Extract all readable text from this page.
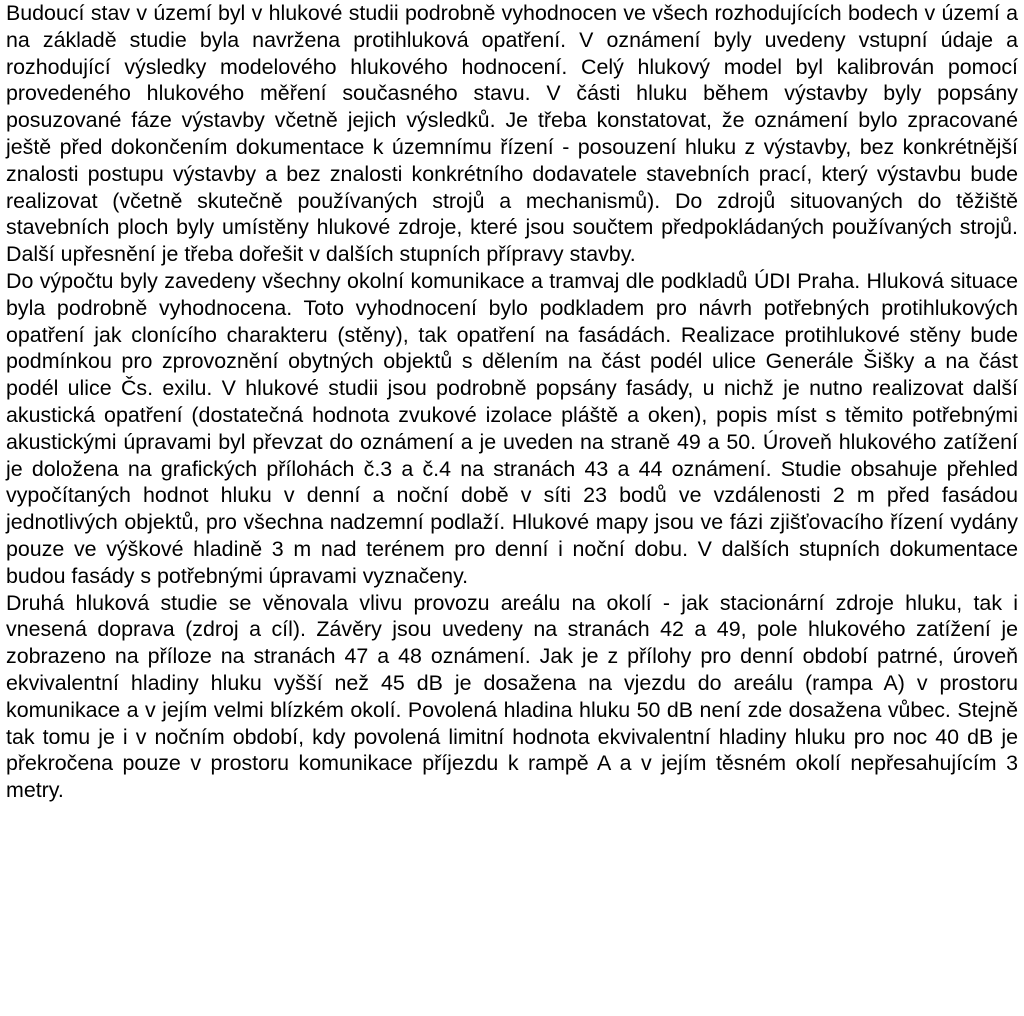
Budoucí stav v území byl v hlukové studii podrobně vyhodnocen ve všech rozhodujících bodech v území a na základě studie byla navržena protihluková opatření. V oznámení byly uvedeny vstupní údaje a rozhodující výsledky modelového hlukového hodnocení. Celý hlukový model byl kalibrován pomocí provedeného hlukového měření současného stavu. V části hluku během výstavby byly popsány posuzované fáze výstavby včetně jejich výsledků. Je třeba konstatovat, že oznámení bylo zpracované ještě před dokončením dokumentace k územnímu řízení - posouzení hluku z výstavby, bez konkrétnější znalosti postupu výstavby a bez znalosti konkrétního dodavatele stavebních prací, který výstavbu bude realizovat (včetně skutečně používaných strojů a mechanismů). Do zdrojů situovaných do těžiště stavebních ploch byly umístěny hlukové zdroje, které jsou součtem předpokládaných používaných strojů. Další upřesnění je třeba dořešit v dalších stupních přípravy stavby.

Do výpočtu byly zavedeny všechny okolní komunikace a tramvaj dle podkladů ÚDI Praha. Hluková situace byla podrobně vyhodnocena. Toto vyhodnocení bylo podkladem pro návrh potřebných protihlukových opatření jak clonícího charakteru (stěny), tak opatření na fasádách. Realizace protihlukové stěny bude podmínkou pro zprovoznění obytných objektů s dělením na část podél ulice Generále Šišky a na část podél ulice Čs. exilu. V hlukové studii jsou podrobně popsány fasády, u nichž je nutno realizovat další akustická opatření (dostatečná hodnota zvukové izolace pláště a oken), popis míst s těmito potřebnými akustickými úpravami byl převzat do oznámení a je uveden na straně 49 a 50. Úroveň hlukového zatížení je doložena na grafických přílohách č.3 a č.4 na stranách 43 a 44 oznámení. Studie obsahuje přehled vypočítaných hodnot hluku v denní a noční době v síti 23 bodů ve vzdálenosti 2 m před fasádou jednotlivých objektů, pro všechna nadzemní podlaží. Hlukové mapy jsou ve fázi zjišťovacího řízení vydány pouze ve výškové hladině 3 m nad terénem pro denní i noční dobu. V dalších stupních dokumentace budou fasády s potřebnými úpravami vyznačeny.

Druhá hluková studie se věnovala vlivu provozu areálu na okolí - jak stacionární zdroje hluku, tak i vnesená doprava (zdroj a cíl). Závěry jsou uvedeny na stranách 42 a 49, pole hlukového zatížení je zobrazeno na příloze na stranách 47 a 48 oznámení. Jak je z přílohy pro denní období patrné, úroveň ekvivalentní hladiny hluku vyšší než 45 dB je dosažena na vjezdu do areálu (rampa A) v prostoru komunikace a v jejím velmi blízkém okolí. Povolená hladina hluku 50 dB není zde dosažena vůbec. Stejně tak tomu je i v nočním období, kdy povolená limitní hodnota ekvivalentní hladiny hluku pro noc 40 dB je překročena pouze v prostoru komunikace příjezdu k rampě A a v jejím těsném okolí nepřesahujícím 3 metry.
